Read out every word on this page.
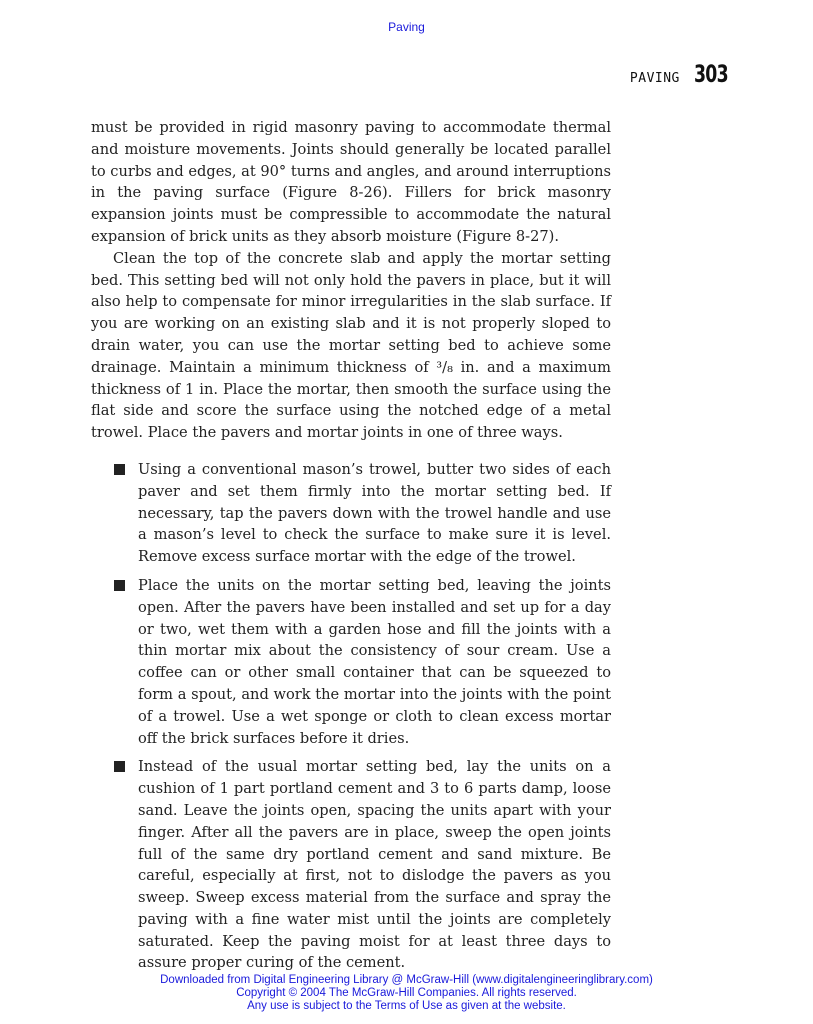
Paving
PAVING 303

must be provided in rigid masonry paving to accommodate thermal and moisture movements. Joints should generally be located parallel to curbs and edges, at 90° turns and angles, and around interruptions in the paving surface (Figure 8-26). Fillers for brick masonry expansion joints must be compressible to accommodate the natural expansion of brick units as they absorb moisture (Figure 8-27).

Clean the top of the concrete slab and apply the mortar setting bed. This setting bed will not only hold the pavers in place, but it will also help to compensate for minor irregularities in the slab surface. If you are working on an existing slab and it is not properly sloped to drain water, you can use the mortar setting bed to achieve some drainage. Maintain a minimum thickness of ³/₈ in. and a maximum thickness of 1 in. Place the mortar, then smooth the surface using the flat side and score the surface using the notched edge of a metal trowel. Place the pavers and mortar joints in one of three ways.

Using a conventional mason’s trowel, butter two sides of each paver and set them firmly into the mortar setting bed. If necessary, tap the pavers down with the trowel handle and use a mason’s level to check the surface to make sure it is level. Remove excess surface mortar with the edge of the trowel.
Place the units on the mortar setting bed, leaving the joints open. After the pavers have been installed and set up for a day or two, wet them with a garden hose and fill the joints with a thin mortar mix about the consistency of sour cream. Use a coffee can or other small container that can be squeezed to form a spout, and work the mortar into the joints with the point of a trowel. Use a wet sponge or cloth to clean excess mortar off the brick surfaces before it dries.
Instead of the usual mortar setting bed, lay the units on a cushion of 1 part portland cement and 3 to 6 parts damp, loose sand. Leave the joints open, spacing the units apart with your finger. After all the pavers are in place, sweep the open joints full of the same dry portland cement and sand mixture. Be careful, especially at first, not to dislodge the pavers as you sweep. Sweep excess material from the surface and spray the paving with a fine water mist until the joints are completely saturated. Keep the paving moist for at least three days to assure proper curing of the cement.
Downloaded from Digital Engineering Library @ McGraw-Hill (www.digitalengineeringlibrary.com)
Copyright © 2004 The McGraw-Hill Companies. All rights reserved.
Any use is subject to the Terms of Use as given at the website.
